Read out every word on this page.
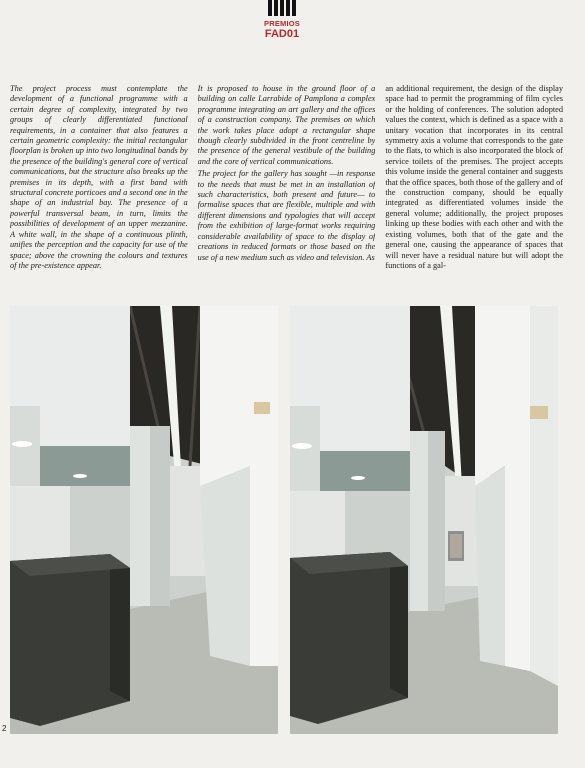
PREMIOS
FAD01

The project process must contemplate the development of a functional programme with a certain degree of complexity, integrated by two groups of clearly differentiated functional requirements, in a container that also features a certain geometric complexity: the initial rectangular floorplan is broken up into two longitudinal bands by the presence of the building's general core of vertical communications, but the structure also breaks up the premises in its depth, with a first band with structural concrete porticoes and a second one in the shape of an industrial bay. The presence of a powerful transversal beam, in turn, limits the possibilities of development of an upper mezzanine. A white wall, in the shape of a continuous plinth, unifies the perception and the capacity for use of the space; above the crowning the colours and textures of the pre-existence appear.

It is proposed to house in the ground floor of a building on calle Larrabide of Pamplona a complex programme integrating an art gallery and the offices of a construction company. The premises on which the work takes place adopt a rectangular shape though clearly subdivided in the front centreline by the presence of the general vestibule of the building and the core of vertical communications.

The project for the gallery has sought —in response to the needs that must be met in an installation of such characteristics, both present and future— to formalise spaces that are flexible, multiple and with different dimensions and typologies that will accept from the exhibition of large-format works requiring considerable availability of space to the display of creations in reduced formats or those based on the use of a new medium such as video and television. As

an additional requirement, the design of the display space had to permit the programming of film cycles or the holding of conferences. The solution adopted values the context, which is defined as a space with a unitary vocation that incorporates in its central symmetry axis a volume that corresponds to the gate to the flats, to which is also incorporated the block of service toilets of the premises. The project accepts this volume inside the general container and suggests that the office spaces, both those of the gallery and of the construction company, should be equally integrated as differentiated volumes inside the general volume; additionally, the project proposes linking up these bodies with each other and with the existing volumes, both that of the gate and the general one, causing the appearance of spaces that will never have a residual nature but will adopt the functions of a gal-

2
